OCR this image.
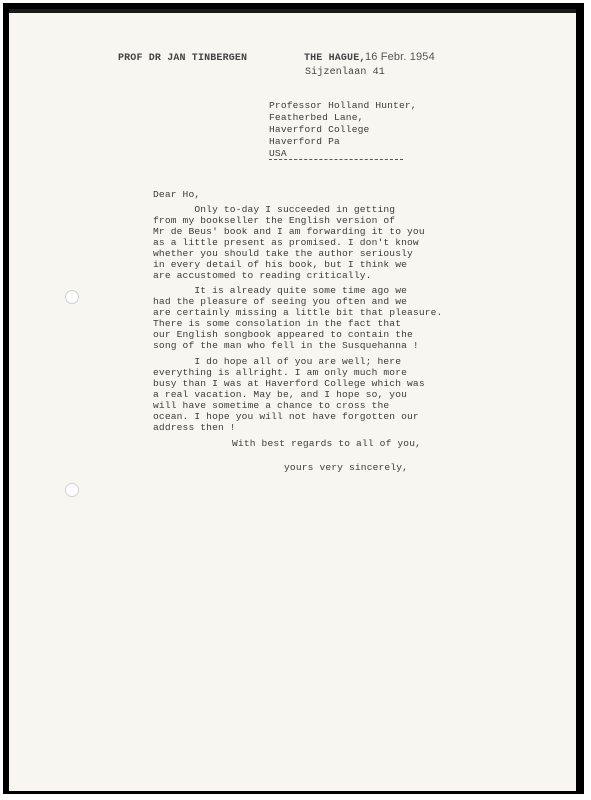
PROF DR JAN TINBERGEN	THE HAGUE, 16 Febr. 1954
Sijzenlaan 41
Professor Holland Hunter,
Featherbed Lane,
Haverford College
Haverford Pa
USA
Dear Ho,
Only to-day I succeeded in getting
from my bookseller the English version of
Mr de Beus' book and I am forwarding it to you
as a little present as promised. I don't know
whether you should take the author seriously
in every detail of his book, but I think we
are accustomed to reading critically.
It is already quite some time ago we
had the pleasure of seeing you often and we
are certainly missing a little bit that pleasure.
There is some consolation in the fact that
our English songbook appeared to contain the
song of the man who fell in the Susquehanna !
I do hope all of you are well; here
everything is allright. I am only much more
busy than I was at Haverford College which was
a real vacation. May be, and I hope so, you
will have sometime a chance to cross the
ocean. I hope you will not have forgotten our
address then !
With best regards to all of you,
yours very sincerely,
